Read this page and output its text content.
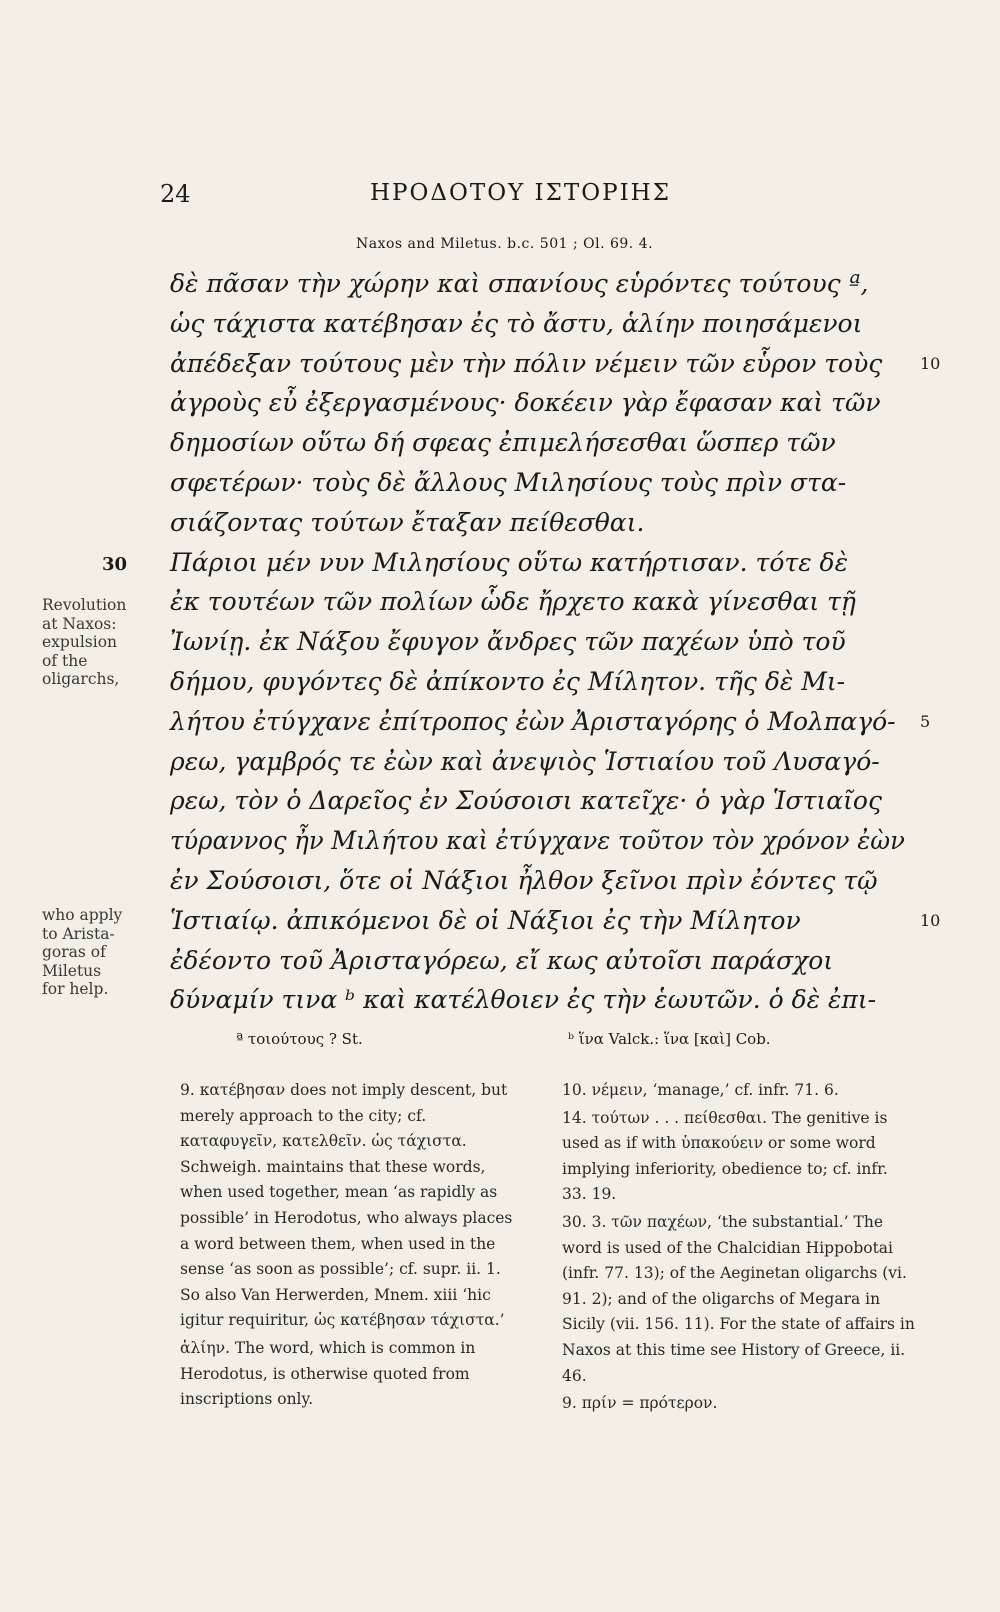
24	ΗΡΟΔΟΤΟΥ ΙΣΤΟΡΙΗΣ
Naxos and Miletus. b.c. 501 ; Ol. 69. 4.
δὲ πᾶσαν τὴν χώρην καὶ σπανίους εὑρόντες τούτους ª,
ὡς τάχιστα κατέβησαν ἐς τὸ ἄστυ, ἁλίην ποιησάμενοι
ἀπέδεξαν τούτους μὲν τὴν πόλιν νέμειν τῶν εὗρον τοὺς 10
ἀγροὺς εὖ ἐξεργασμένους· δοκέειν γὰρ ἔφασαν καὶ τῶν
δημοσίων οὕτω δή σφεας ἐπιμελήσεσθαι ὥσπερ τῶν
σφετέρων· τοὺς δὲ ἄλλους Μιλησίους τοὺς πρὶν στα-
σιάζοντας τούτων ἔταξαν πείθεσθαι.
Πάριοι μέν νυν Μιλησίους οὕτω κατήρτισαν. τότε δὲ
ἐκ τουτέων τῶν πολίων ὧδε ἤρχετο κακὰ γίνεσθαι τῇ
Ἰωνίῃ. ἐκ Νάξου ἔφυγον ἄνδρες τῶν παχέων ὑπὸ τοῦ
δήμου, φυγόντες δὲ ἀπίκοντο ἐς Μίλητον. τῆς δὲ Μι-
λήτου ἐτύγχανε ἐπίτροπος ἐὼν Ἀρισταγόρης ὁ Μολπαγό- 5
ρεω, γαμβρός τε ἐὼν καὶ ἀνεψιὸς Ἱστιαίου τοῦ Λυσαγό-
ρεω, τὸν ὁ Δαρεῖος ἐν Σούσοισι κατεῖχε· ὁ γὰρ Ἱστιαῖος
τύραννος ἦν Μιλήτου καὶ ἐτύγχανε τοῦτον τὸν χρόνον ἐὼν
ἐν Σούσοισι, ὅτε οἱ Νάξιοι ἦλθον ξεῖνοι πρὶν ἐόντες τῷ
Ἱστιαίῳ. ἀπικόμενοι δὲ οἱ Νάξιοι ἐς τὴν Μίλητον	10
ἐδέοντο τοῦ Ἀρισταγόρεω, εἴ κως αὐτοῖσι παράσχοι
δύναμίν τινα ᵇ καὶ κατέλθοιεν ἐς τὴν ἑωυτῶν. ὁ δὲ ἐπι-
30
Revolution
at Naxos:
expulsion
of the
oligarchs,
who apply
to Arista-
goras of
Miletus
for help.
ª τοιούτους ? St.	ᵇ ἵνα Valck.: ἵνα [καὶ] Cob.

9. κατέβησαν does not imply descent, but merely approach to the city; cf. καταφυγεῖν, κατελθεῖν. ὡς τάχιστα. Schweigh. maintains that these words, when used together, mean ‘as rapidly as possible’ in Herodotus, who always places a word between them, when used in the sense ‘as soon as possible’; cf. supr. ii. 1. So also Van Herwerden, Mnem. xiii ‘hic igitur requiritur, ὡς κατέβησαν τάχιστα.’

ἁλίην. The word, which is common in Herodotus, is otherwise quoted from inscriptions only.

10. νέμειν, ‘manage,’ cf. infr. 71. 6.

14. τούτων . . . πείθεσθαι. The genitive is used as if with ὑπακούειν or some word implying inferiority, obedience to; cf. infr. 33. 19.

30. 3. τῶν παχέων, ‘the substantial.’ The word is used of the Chalcidian Hippobotai (infr. 77. 13); of the Aeginetan oligarchs (vi. 91. 2); and of the oligarchs of Megara in Sicily (vii. 156. 11). For the state of affairs in Naxos at this time see History of Greece, ii. 46.

9. πρίν = πρότερον.
